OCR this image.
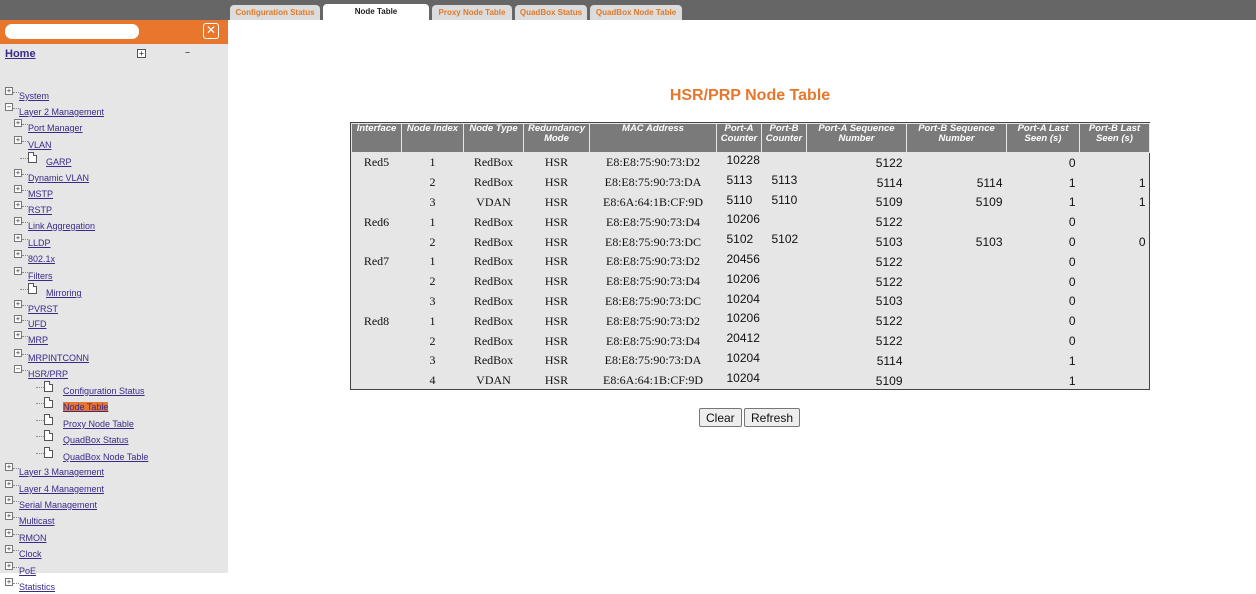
Configuration Status	Node Table	Proxy Node Table	QuadBox Status	QuadBox Node Table
✕
Home	+	−
+ System
− Layer 2 Management
+ Port Manager
+ VLAN
GARP
+ Dynamic VLAN
+ MSTP
+ RSTP
+ Link Aggregation
+ LLDP
+ 802.1x
+ Filters
Mirroring
+ PVRST
+ UFD
+ MRP
+ MRPINTCONN
− HSR/PRP
Configuration Status
Node Table
Proxy Node Table
QuadBox Status
QuadBox Node Table
+ Layer 3 Management
+ Layer 4 Management
+ Serial Management
+ Multicast
+ RMON
+ Clock
+ PoE
+ Statistics
HSR/PRP Node Table
Interface	Node Index	Node Type	Redundancy Mode	MAC Address	Port-A Counter	Port-B Counter	Port-A Sequence Number	Port-B Sequence Number	Port-A Last Seen (s)	Port-B Last Seen (s)
Red5	1	RedBox	HSR	E8:E8:75:90:73:D2	10228		5122		0	
	2	RedBox	HSR	E8:E8:75:90:73:DA	5113	5113	5114	5114	1	1
	3	VDAN	HSR	E8:6A:64:1B:CF:9D	5110	5110	5109	5109	1	1
Red6	1	RedBox	HSR	E8:E8:75:90:73:D4	10206		5122		0	
	2	RedBox	HSR	E8:E8:75:90:73:DC	5102	5102	5103	5103	0	0
Red7	1	RedBox	HSR	E8:E8:75:90:73:D2	20456		5122		0	
	2	RedBox	HSR	E8:E8:75:90:73:D4	10206		5122		0	
	3	RedBox	HSR	E8:E8:75:90:73:DC	10204		5103		0	
Red8	1	RedBox	HSR	E8:E8:75:90:73:D2	10206		5122		0	
	2	RedBox	HSR	E8:E8:75:90:73:D4	20412		5122		0	
	3	RedBox	HSR	E8:E8:75:90:73:DA	10204		5114		1	
	4	VDAN	HSR	E8:6A:64:1B:CF:9D	10204		5109		1	
Clear	Refresh
